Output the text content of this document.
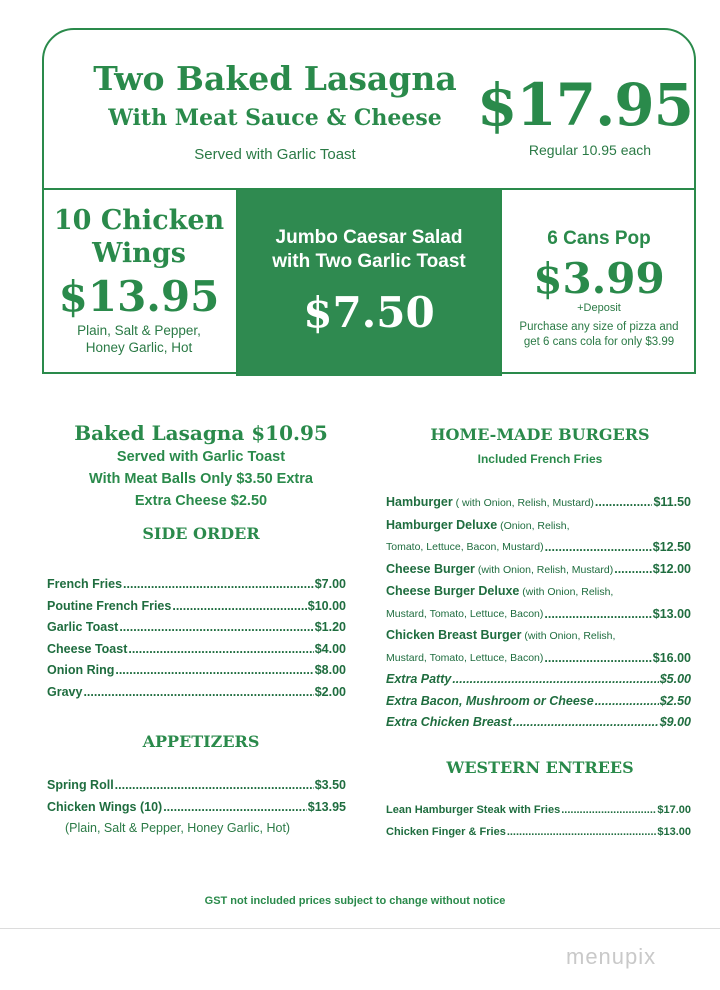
Two Baked Lasagna
With Meat Sauce & Cheese
Served with Garlic Toast
$17.95
Regular 10.95 each
10 Chicken
Wings
$13.95
Plain, Salt & Pepper,
Honey Garlic, Hot
Jumbo Caesar Salad
with Two Garlic Toast
$7.50
6 Cans Pop
$3.99
+Deposit
Purchase any size of pizza and
get 6 cans cola for only $3.99
Baked Lasagna $10.95
Served with Garlic Toast
With Meat Balls Only $3.50 Extra
Extra Cheese $2.50
SIDE ORDER
French Fries .....	$7.00
Poutine French Fries .....	$10.00
Garlic Toast .....	$1.20
Cheese Toast .....	$4.00
Onion Ring .....	$8.00
Gravy .....	$2.00
APPETIZERS
Spring Roll .....	$3.50
Chicken Wings (10) .....	$13.95
(Plain, Salt & Pepper, Honey Garlic, Hot)
HOME-MADE BURGERS
Included French Fries
Hamburger ( with Onion, Relish, Mustard) .....	$11.50
Hamburger Deluxe (Onion, Relish,
Tomato, Lettuce, Bacon, Mustard) .....	$12.50
Cheese Burger (with Onion, Relish, Mustard) .....	$12.00
Cheese Burger Deluxe (with Onion, Relish,
Mustard, Tomato, Lettuce, Bacon) .....	$13.00
Chicken Breast Burger (with Onion, Relish,
Mustard, Tomato, Lettuce, Bacon) .....	$16.00
Extra Patty .....	$5.00
Extra Bacon, Mushroom or Cheese .....	$2.50
Extra Chicken Breast .....	$9.00
WESTERN ENTREES
Lean Hamburger Steak with Fries .....	$17.00
Chicken Finger & Fries .....	$13.00
GST not included prices subject to change without notice
menupix
